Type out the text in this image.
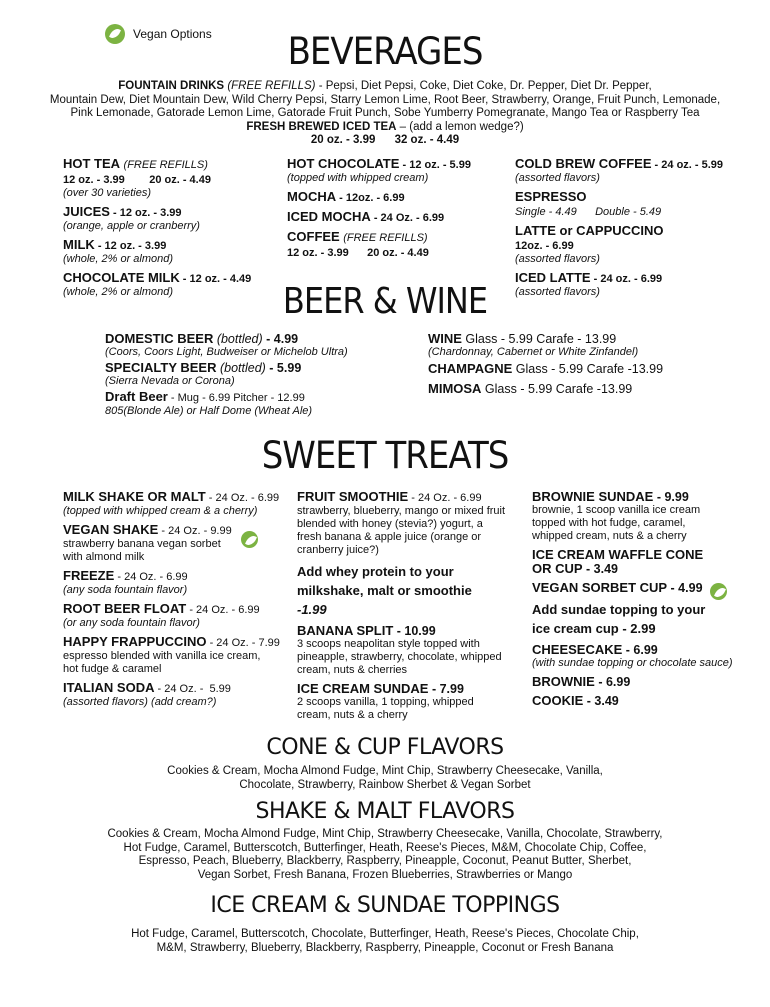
Vegan Options	BEVERAGES
FOUNTAIN DRINKS (FREE REFILLS) - Pepsi, Diet Pepsi, Coke, Diet Coke, Dr. Pepper, Diet Dr. Pepper,
Mountain Dew, Diet Mountain Dew, Wild Cherry Pepsi, Starry Lemon Lime, Root Beer, Strawberry, Orange, Fruit Punch, Lemonade,
Pink Lemonade, Gatorade Lemon Lime, Gatorade Fruit Punch, Sobe Yumberry Pomegranate, Mango Tea or Raspberry Tea
FRESH BREWED ICED TEA – (add a lemon wedge?)
20 oz. - 3.99      32 oz. - 4.49
HOT TEA (FREE REFILLS)
12 oz. - 3.99        20 oz. - 4.49
(over 30 varieties)
JUICES - 12 oz. - 3.99
(orange, apple or cranberry)
MILK - 12 oz. - 3.99
(whole, 2% or almond)
CHOCOLATE MILK - 12 oz. - 4.49
(whole, 2% or almond)
HOT CHOCOLATE - 12 oz. - 5.99
(topped with whipped cream)
MOCHA - 12oz. - 6.99
ICED MOCHA - 24 Oz. - 6.99
COFFEE (FREE REFILLS)
12 oz. - 3.99      20 oz. - 4.49
COLD BREW COFFEE - 24 oz. - 5.99
(assorted flavors)
ESPRESSO
Single - 4.49      Double - 5.49
LATTE or CAPPUCCINO
12oz. - 6.99
(assorted flavors)
ICED LATTE - 24 oz. - 6.99
(assorted flavors)
BEER & WINE
DOMESTIC BEER (bottled) - 4.99
(Coors, Coors Light, Budweiser or Michelob Ultra)
SPECIALTY BEER (bottled) - 5.99
(Sierra Nevada or Corona)
Draft Beer - Mug - 6.99 Pitcher - 12.99
805(Blonde Ale) or Half Dome (Wheat Ale)
WINE Glass - 5.99 Carafe - 13.99
(Chardonnay, Cabernet or White Zinfandel)
CHAMPAGNE Glass - 5.99 Carafe -13.99
MIMOSA Glass - 5.99 Carafe -13.99
SWEET TREATS
MILK SHAKE OR MALT - 24 Oz. - 6.99
(topped with whipped cream & a cherry)
VEGAN SHAKE - 24 Oz. - 9.99
strawberry banana vegan sorbet with almond milk
FREEZE - 24 Oz. - 6.99
(any soda fountain flavor)
ROOT BEER FLOAT - 24 Oz. - 6.99
(or any soda fountain flavor)
HAPPY FRAPPUCCINO - 24 Oz. - 7.99
espresso blended with vanilla ice cream, hot fudge & caramel
ITALIAN SODA - 24 Oz. -  5.99
(assorted flavors) (add cream?)
FRUIT SMOOTHIE - 24 Oz. - 6.99
strawberry, blueberry, mango or mixed fruit blended with honey (stevia?) yogurt, a fresh banana & apple juice (orange or cranberry juice?)
Add whey protein to your milkshake, malt or smoothie -1.99
BANANA SPLIT - 10.99
3 scoops neapolitan style topped with pineapple, strawberry, chocolate, whipped cream, nuts & cherries
ICE CREAM SUNDAE - 7.99
2 scoops vanilla, 1 topping, whipped cream, nuts & a cherry
BROWNIE SUNDAE - 9.99
brownie, 1 scoop vanilla ice cream topped with hot fudge, caramel, whipped cream, nuts & a cherry
ICE CREAM WAFFLE CONE OR CUP - 3.49
VEGAN SORBET CUP - 4.99
Add sundae topping to your ice cream cup - 2.99
CHEESECAKE - 6.99
(with sundae topping or chocolate sauce)
BROWNIE - 6.99
COOKIE - 3.49
CONE & CUP FLAVORS
Cookies & Cream, Mocha Almond Fudge, Mint Chip, Strawberry Cheesecake, Vanilla,
Chocolate, Strawberry, Rainbow Sherbet & Vegan Sorbet
SHAKE & MALT FLAVORS
Cookies & Cream, Mocha Almond Fudge, Mint Chip, Strawberry Cheesecake, Vanilla, Chocolate, Strawberry,
Hot Fudge, Caramel, Butterscotch, Butterfinger, Heath, Reese's Pieces, M&M, Chocolate Chip, Coffee,
Espresso, Peach, Blueberry, Blackberry, Raspberry, Pineapple, Coconut, Peanut Butter, Sherbet,
Vegan Sorbet, Fresh Banana, Frozen Blueberries, Strawberries or Mango
ICE CREAM & SUNDAE TOPPINGS
Hot Fudge, Caramel, Butterscotch, Chocolate, Butterfinger, Heath, Reese's Pieces, Chocolate Chip,
M&M, Strawberry, Blueberry, Blackberry, Raspberry, Pineapple, Coconut or Fresh Banana
